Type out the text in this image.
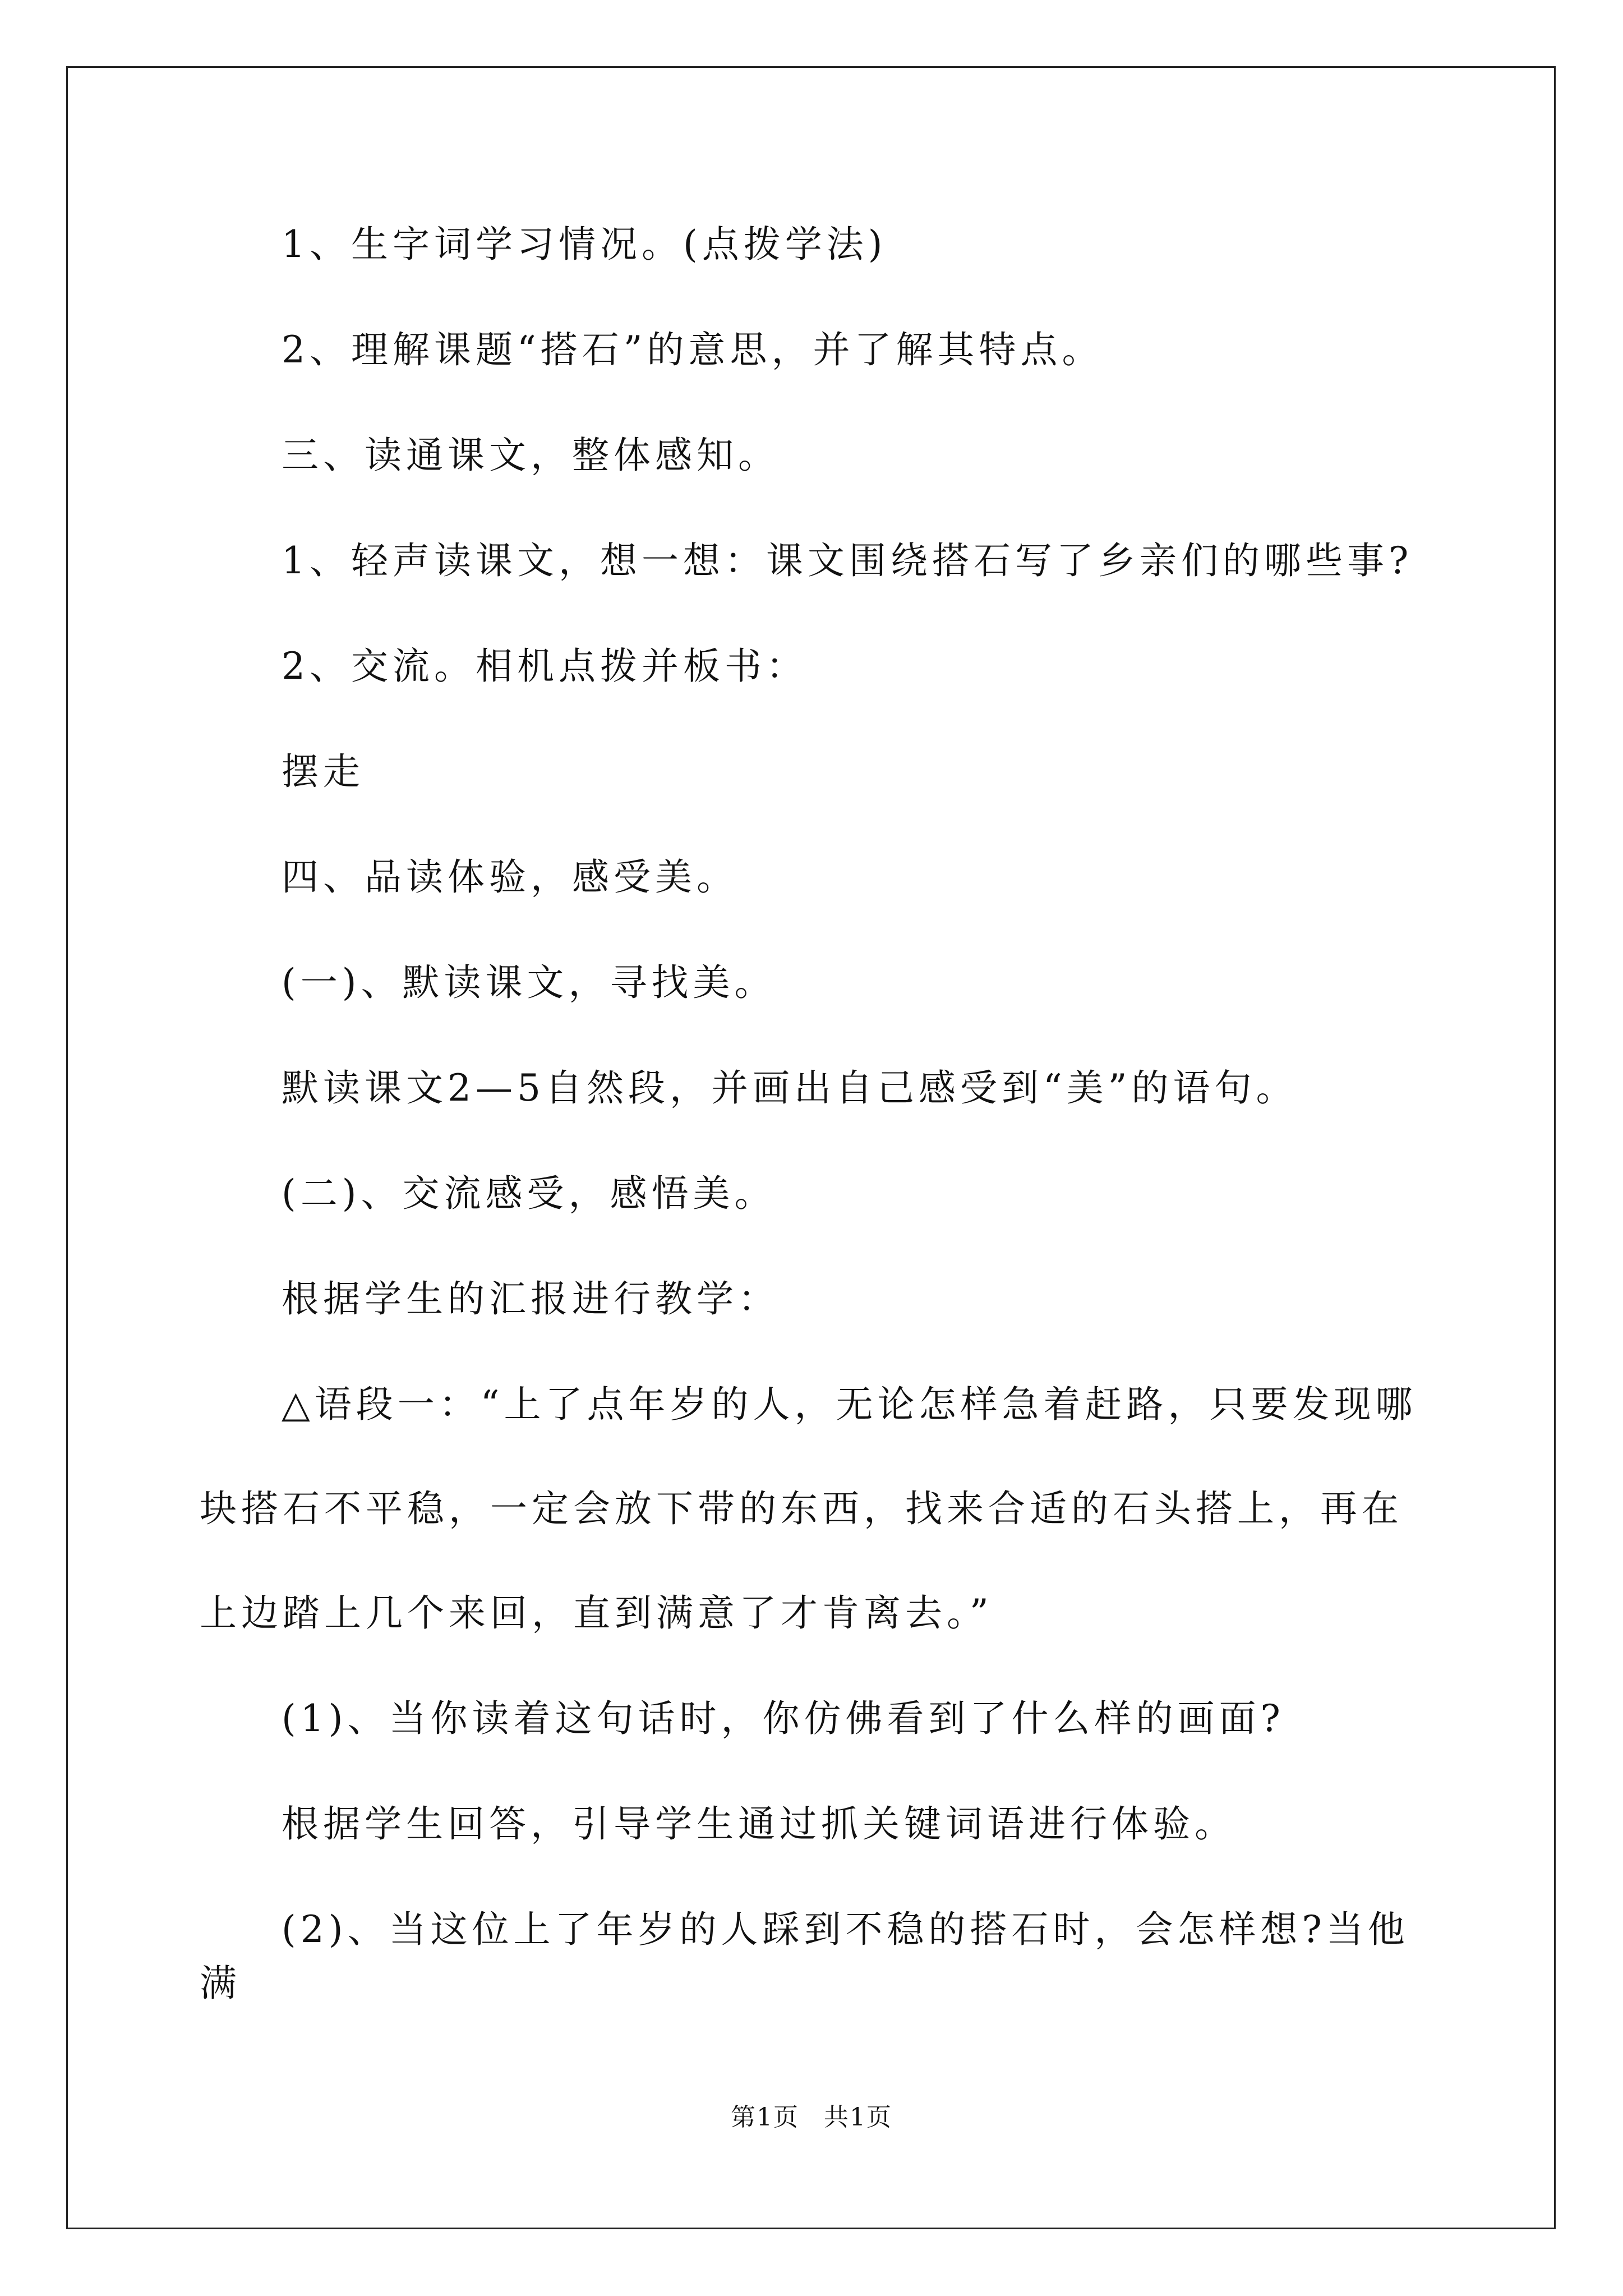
1、生字词学习情况。(点拨学法)

2、理解课题“搭石”的意思，并了解其特点。

三、读通课文，整体感知。

1、轻声读课文，想一想：课文围绕搭石写了乡亲们的哪些事?

2、交流。相机点拨并板书：

摆走

四、品读体验，感受美。

(一)、默读课文，寻找美。

默读课文2—5自然段，并画出自己感受到“美”的语句。

(二)、交流感受，感悟美。

根据学生的汇报进行教学：

△语段一：“上了点年岁的人，无论怎样急着赶路，只要发现哪块搭石不平稳，一定会放下带的东西，找来合适的石头搭上，再在上边踏上几个来回，直到满意了才肯离去。”

(1)、当你读着这句话时，你仿佛看到了什么样的画面?

根据学生回答，引导学生通过抓关键词语进行体验。

(2)、当这位上了年岁的人踩到不稳的搭石时，会怎样想?当他满

第1页 共1页
